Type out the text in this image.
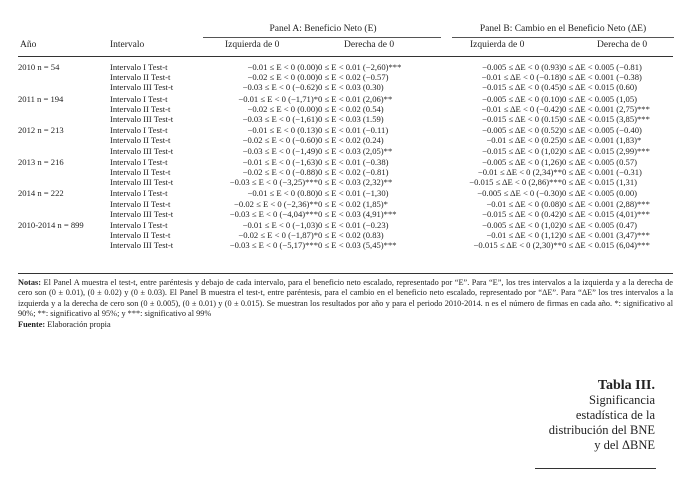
Panel A: Beneficio Neto (E)	Panel B: Cambio en el Beneficio Neto (ΔE)
Año	Intervalo	Izquierda de 0	Derecha de 0	Izquierda de 0	Derecha de 0
2010 n = 54	Intervalo I Test-t	−0.01 ≤ E < 0 (0.00)	0 ≤ E < 0.01 (−2,60)***	−0.005 ≤ ΔE < 0 (0.93)	0 ≤ ΔE < 0.005 (−0.81)
	Intervalo II Test-t	−0.02 ≤ E < 0 (0.00)	0 ≤ E < 0.02 (−0.57)	−0.01 ≤ ΔE < 0 (−0.18)	0 ≤ ΔE < 0.001 (−0.38)
	Intervalo III Test-t	−0.03 ≤ E < 0 (−0.62)	0 ≤ E < 0.03 (0.30)	−0.015 ≤ ΔE < 0 (0.45)	0 ≤ ΔE < 0.015 (0.60)
2011 n = 194	Intervalo I Test-t	−0.01 ≤ E < 0 (−1,71)*	0 ≤ E < 0.01 (2,06)**	−0.005 ≤ ΔE < 0 (0.10)	0 ≤ ΔE < 0.005 (1,05)
	Intervalo II Test-t	−0.02 ≤ E < 0 (0.00)	0 ≤ E < 0.02 (0.54)	−0.01 ≤ ΔE < 0 (−0.42)	0 ≤ ΔE < 0.001 (2,75)***
	Intervalo III Test-t	−0.03 ≤ E < 0 (−1,61)	0 ≤ E < 0.03 (1.59)	−0.015 ≤ ΔE < 0 (0.15)	0 ≤ ΔE < 0.015 (3,85)***
2012 n = 213	Intervalo I Test-t	−0.01 ≤ E < 0 (0.13)	0 ≤ E < 0.01 (−0.11)	−0.005 ≤ ΔE < 0 (0.52)	0 ≤ ΔE < 0.005 (−0.40)
	Intervalo II Test-t	−0.02 ≤ E < 0 (−0.60)	0 ≤ E < 0.02 (0.24)	−0.01 ≤ ΔE < 0 (0.25)	0 ≤ ΔE < 0.001 (1,83)*
	Intervalo III Test-t	−0.03 ≤ E < 0 (−1,49)	0 ≤ E < 0.03 (2,05)**	−0.015 ≤ ΔE < 0 (1,02)	0 ≤ ΔE < 0.015 (2,99)***
2013 n = 216	Intervalo I Test-t	−0.01 ≤ E < 0 (−1,63)	0 ≤ E < 0.01 (−0.38)	−0.005 ≤ ΔE < 0 (1,26)	0 ≤ ΔE < 0.005 (0.57)
	Intervalo II Test-t	−0.02 ≤ E < 0 (−0.88)	0 ≤ E < 0.02 (−0.81)	−0.01 ≤ ΔE < 0 (2,34)**	0 ≤ ΔE < 0.001 (−0.31)
	Intervalo III Test-t	−0.03 ≤ E < 0 (−3,25)***	0 ≤ E < 0.03 (2,32)**	−0.015 ≤ ΔE < 0 (2,86)***	0 ≤ ΔE < 0.015 (1,31)
2014 n = 222	Intervalo I Test-t	−0.01 ≤ E < 0 (0.80)	0 ≤ E < 0.01 (−1,30)	−0.005 ≤ ΔE < 0 (−0.30)	0 ≤ ΔE < 0.005 (0.00)
	Intervalo II Test-t	−0.02 ≤ E < 0 (−2,36)**	0 ≤ E < 0.02 (1,85)*	−0.01 ≤ ΔE < 0 (0.08)	0 ≤ ΔE < 0.001 (2,88)***
	Intervalo III Test-t	−0.03 ≤ E < 0 (−4,04)***	0 ≤ E < 0.03 (4,91)***	−0.015 ≤ ΔE < 0 (0.42)	0 ≤ ΔE < 0.015 (4,01)***
2010-2014 n = 899	Intervalo I Test-t	−0.01 ≤ E < 0 (−1,03)	0 ≤ E < 0.01 (−0.23)	−0.005 ≤ ΔE < 0 (1,02)	0 ≤ ΔE < 0.005 (0.47)
	Intervalo II Test-t	−0.02 ≤ E < 0 (−1,87)*	0 ≤ E < 0.02 (0.83)	−0.01 ≤ ΔE < 0 (1,12)	0 ≤ ΔE < 0.001 (3,47)***
	Intervalo III Test-t	−0.03 ≤ E < 0 (−5,17)***	0 ≤ E < 0.03 (5,45)***	−0.015 ≤ ΔE < 0 (2,30)**	0 ≤ ΔE < 0.015 (6,04)***
Notas: El Panel A muestra el test-t, entre paréntesis y debajo de cada intervalo, para el beneficio neto escalado, representado por “E”. Para “E”, los tres intervalos a la izquierda y a la derecha de cero son (0 ± 0.01), (0 ± 0.02) y (0 ± 0.03). El Panel B muestra el test-t, entre paréntesis, para el cambio en el beneficio neto escalado, representado por “ΔE”. Para “ΔE” los tres intervalos a la izquierda y a la derecha de cero son (0 ± 0.005), (0 ± 0.01) y (0 ± 0.015). Se muestran los resultados por año y para el periodo 2010-2014. n es el número de firmas en cada año. *: significativo al 90%; **: significativo al 95%; y ***: significativo al 99%
Fuente: Elaboración propia
Tabla III.
Significancia
estadística de la
distribución del BNE
y del ΔBNE
